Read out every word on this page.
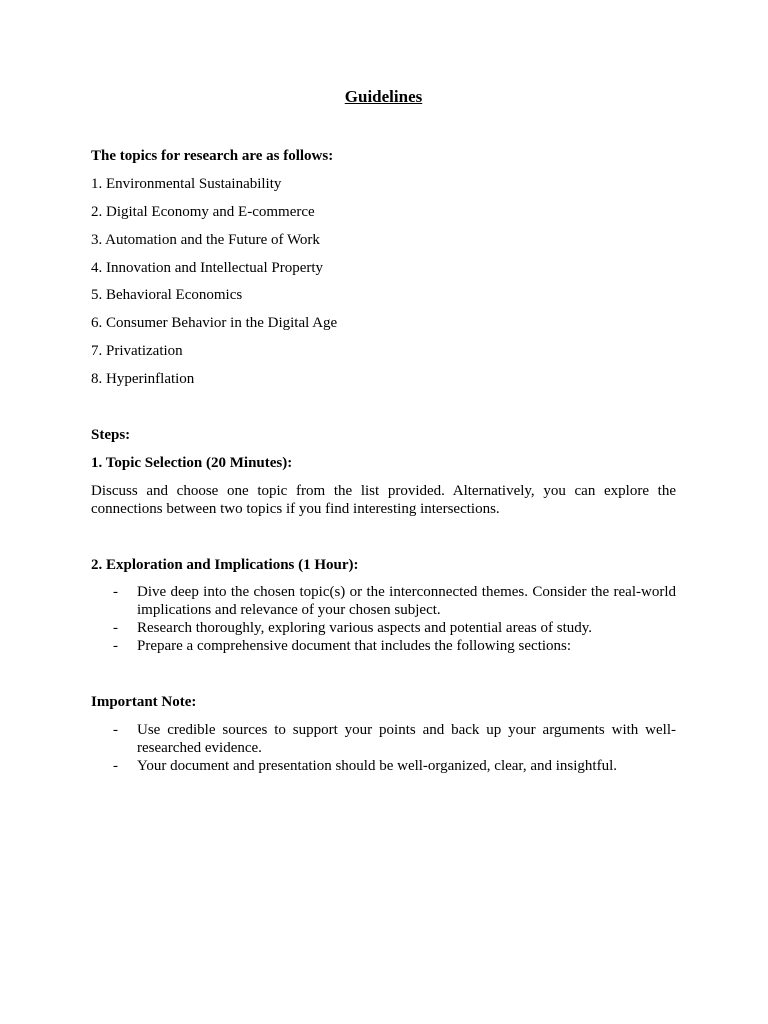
Guidelines
The topics for research are as follows:
1. Environmental Sustainability
2. Digital Economy and E-commerce
3. Automation and the Future of Work
4. Innovation and Intellectual Property
5. Behavioral Economics
6. Consumer Behavior in the Digital Age
7. Privatization
8. Hyperinflation
Steps:
1. Topic Selection (20 Minutes):
Discuss and choose one topic from the list provided. Alternatively, you can explore the connections between two topics if you find interesting intersections.
2. Exploration and Implications (1 Hour):
- Dive deep into the chosen topic(s) or the interconnected themes. Consider the real-world implications and relevance of your chosen subject.
- Research thoroughly, exploring various aspects and potential areas of study.
- Prepare a comprehensive document that includes the following sections:
Important Note:
- Use credible sources to support your points and back up your arguments with well-researched evidence.
- Your document and presentation should be well-organized, clear, and insightful.
